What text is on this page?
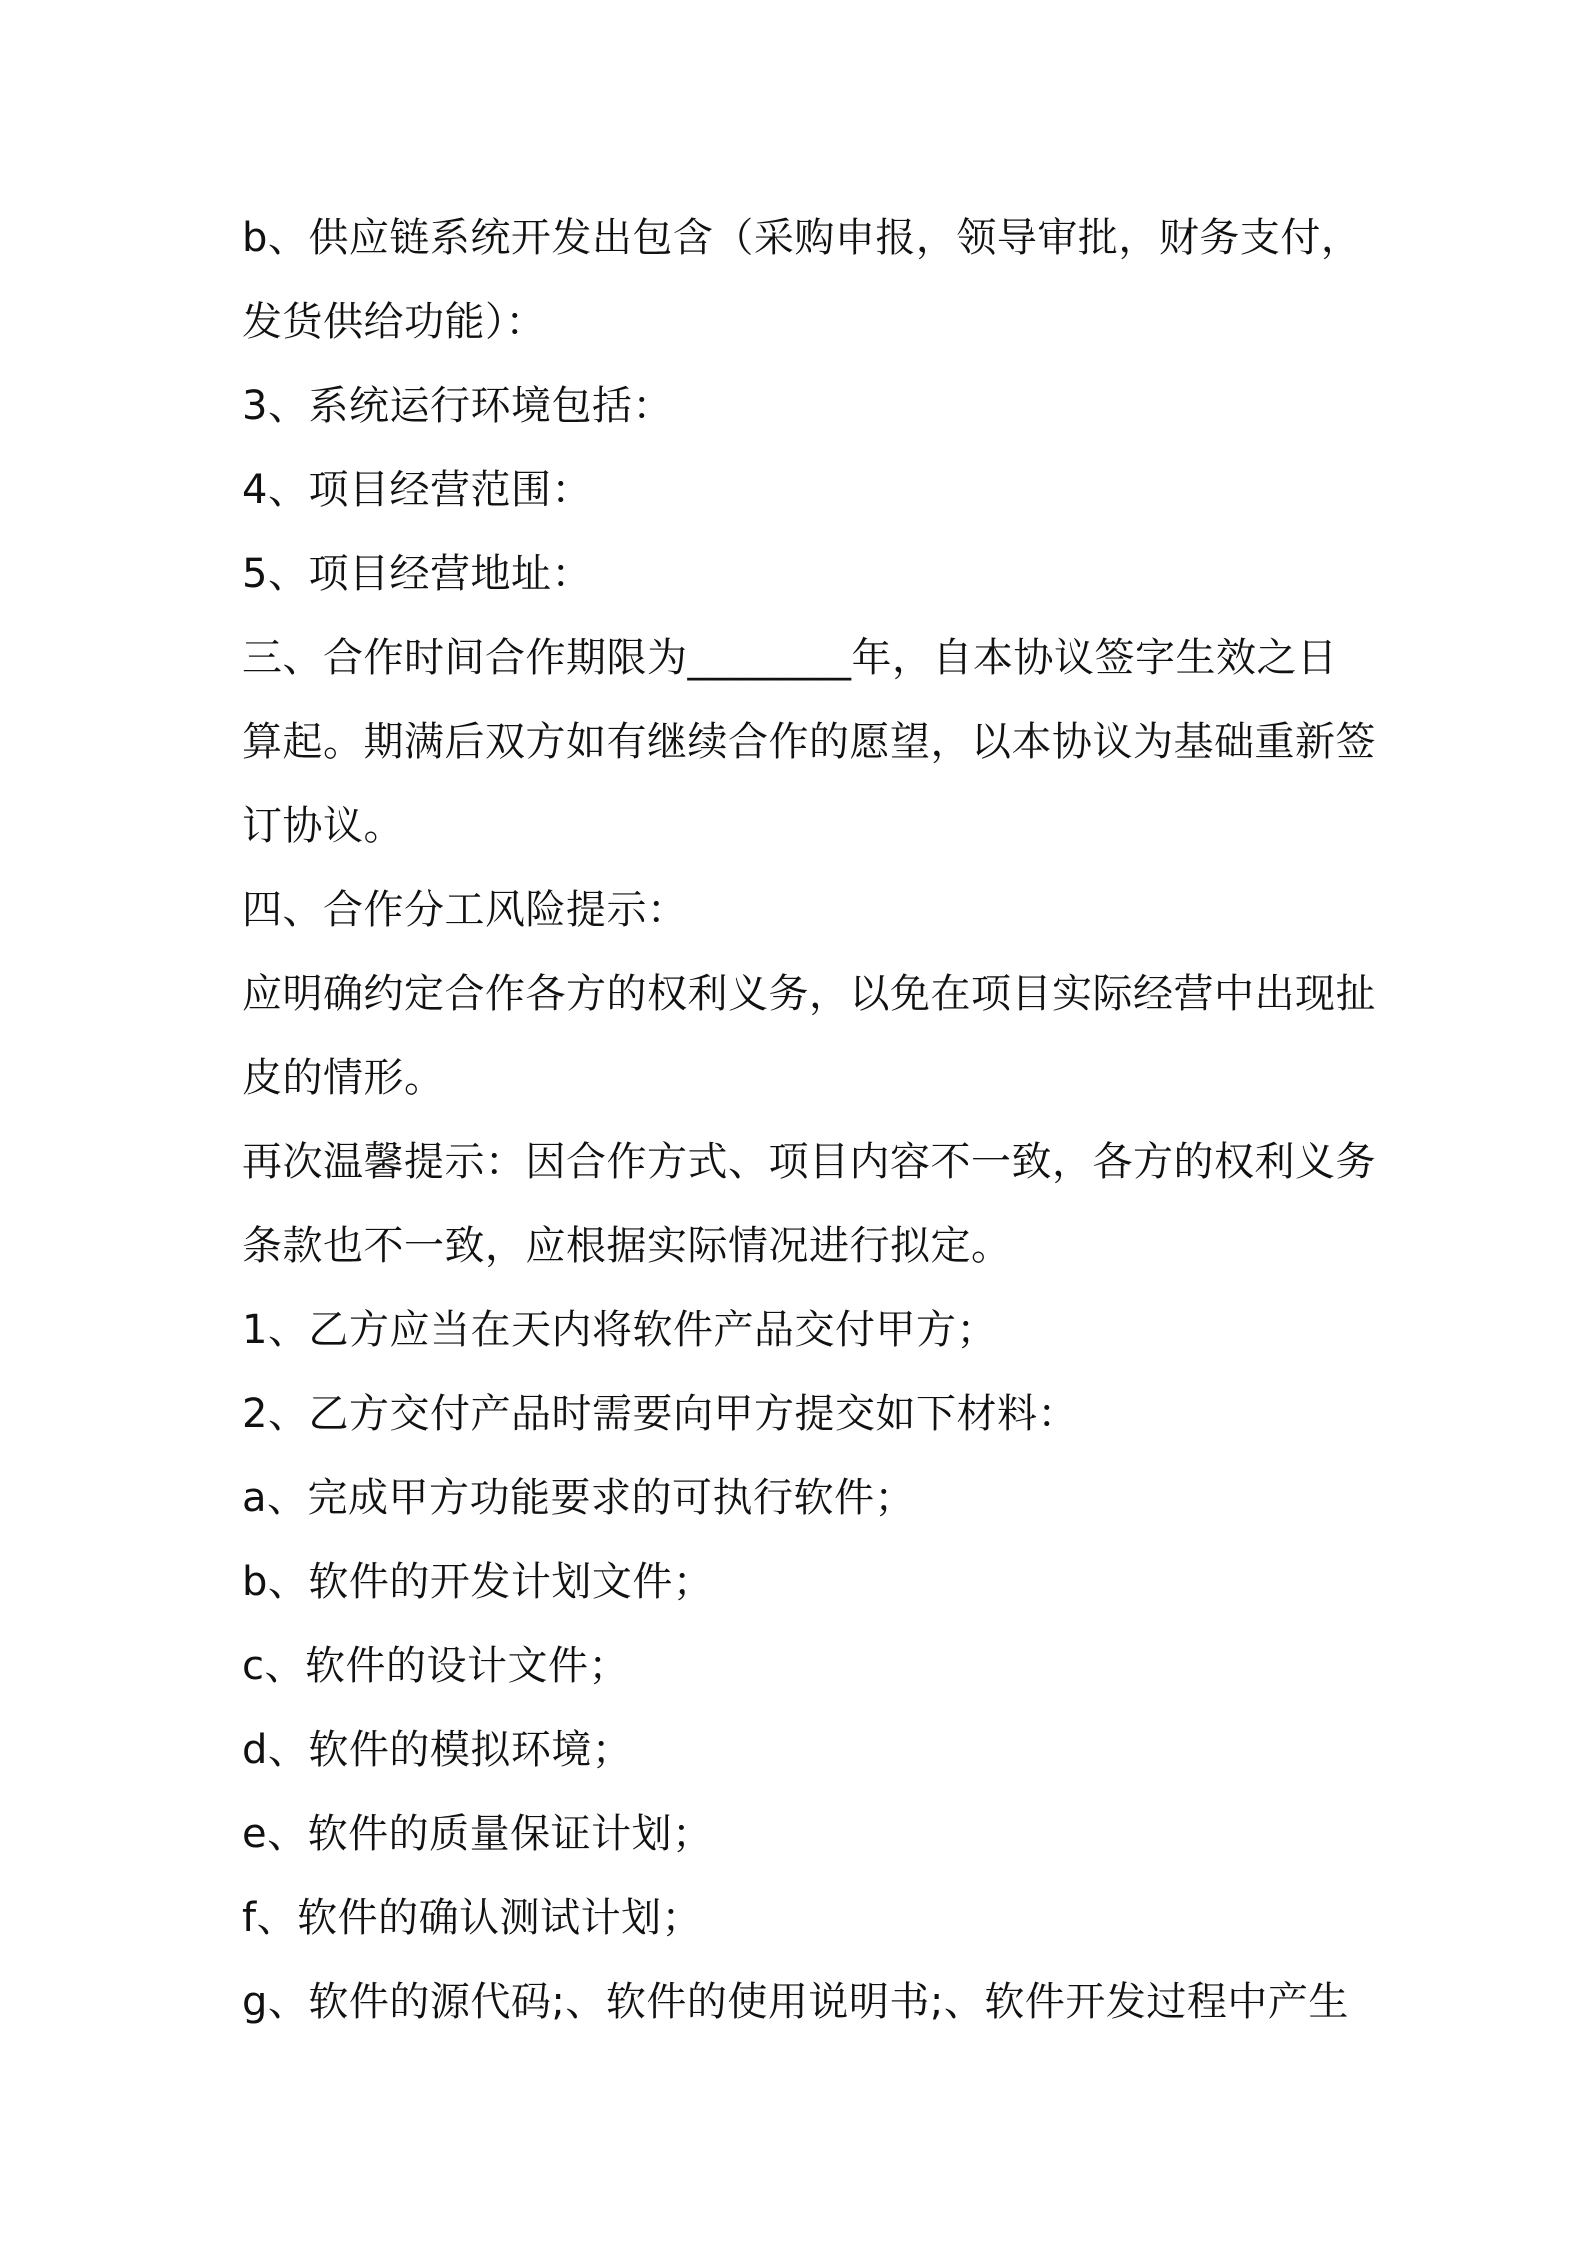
b、供应链系统开发出包含（采购申报，领导审批，财务支付，
发货供给功能）：
3、系统运行环境包括：
4、项目经营范围：
5、项目经营地址：
三、合作时间合作期限为________年，自本协议签字生效之日
算起。期满后双方如有继续合作的愿望，以本协议为基础重新签
订协议。
四、合作分工风险提示：
应明确约定合作各方的权利义务，以免在项目实际经营中出现扯
皮的情形。
再次温馨提示：因合作方式、项目内容不一致，各方的权利义务
条款也不一致，应根据实际情况进行拟定。
1、乙方应当在天内将软件产品交付甲方；
2、乙方交付产品时需要向甲方提交如下材料：
a、完成甲方功能要求的可执行软件；
b、软件的开发计划文件；
c、软件的设计文件；
d、软件的模拟环境；
e、软件的质量保证计划；
f、软件的确认测试计划；
g、软件的源代码;、软件的使用说明书;、软件开发过程中产生
